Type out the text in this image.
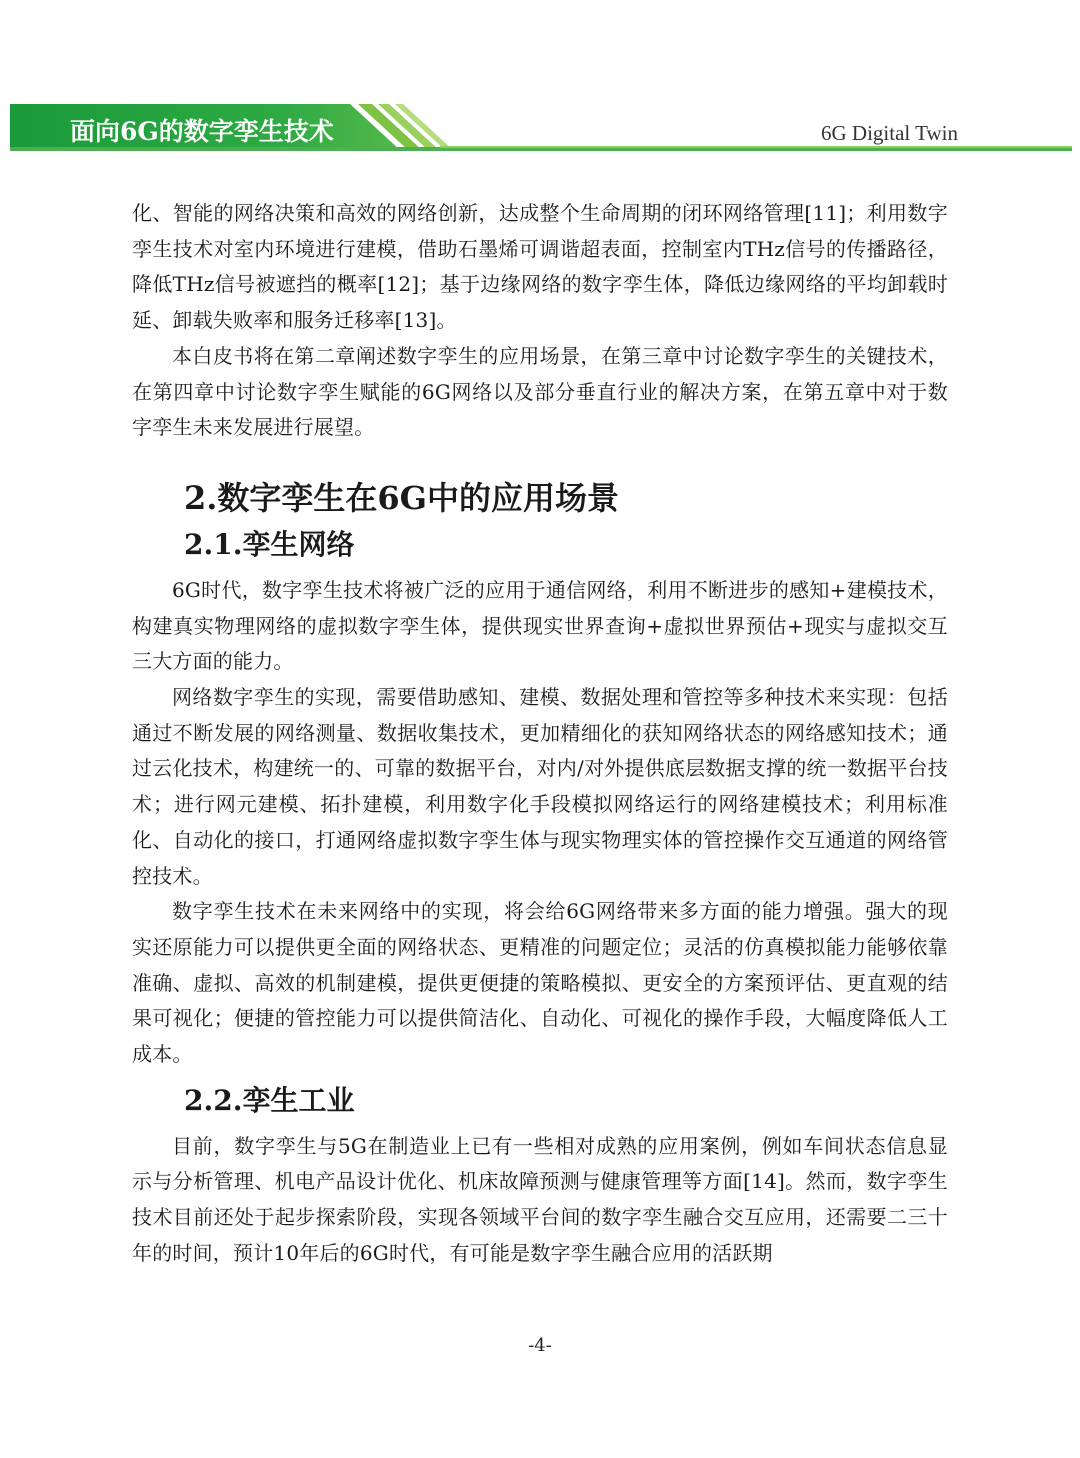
面向6G的数字孪生技术	6G Digital Twin

化、智能的网络决策和高效的网络创新，达成整个生命周期的闭环网络管理[11]；利用数字孪生技术对室内环境进行建模，借助石墨烯可调谐超表面，控制室内THz信号的传播路径，降低THz信号被遮挡的概率[12]；基于边缘网络的数字孪生体，降低边缘网络的平均卸载时延、卸载失败率和服务迁移率[13]。

本白皮书将在第二章阐述数字孪生的应用场景，在第三章中讨论数字孪生的关键技术，在第四章中讨论数字孪生赋能的6G网络以及部分垂直行业的解决方案，在第五章中对于数字孪生未来发展进行展望。

2.数字孪生在6G中的应用场景
2.1.孪生网络

6G时代，数字孪生技术将被广泛的应用于通信网络，利用不断进步的感知+建模技术，构建真实物理网络的虚拟数字孪生体，提供现实世界查询+虚拟世界预估+现实与虚拟交互三大方面的能力。

网络数字孪生的实现，需要借助感知、建模、数据处理和管控等多种技术来实现：包括通过不断发展的网络测量、数据收集技术，更加精细化的获知网络状态的网络感知技术；通过云化技术，构建统一的、可靠的数据平台，对内/对外提供底层数据支撑的统一数据平台技术；进行网元建模、拓扑建模，利用数字化手段模拟网络运行的网络建模技术；利用标准化、自动化的接口，打通网络虚拟数字孪生体与现实物理实体的管控操作交互通道的网络管控技术。

数字孪生技术在未来网络中的实现，将会给6G网络带来多方面的能力增强。强大的现实还原能力可以提供更全面的网络状态、更精准的问题定位；灵活的仿真模拟能力能够依靠准确、虚拟、高效的机制建模，提供更便捷的策略模拟、更安全的方案预评估、更直观的结果可视化；便捷的管控能力可以提供简洁化、自动化、可视化的操作手段，大幅度降低人工成本。

2.2.孪生工业

目前，数字孪生与5G在制造业上已有一些相对成熟的应用案例，例如车间状态信息显示与分析管理、机电产品设计优化、机床故障预测与健康管理等方面[14]。然而，数字孪生技术目前还处于起步探索阶段，实现各领域平台间的数字孪生融合交互应用，还需要二三十年的时间，预计10年后的6G时代，有可能是数字孪生融合应用的活跃期

-4-
